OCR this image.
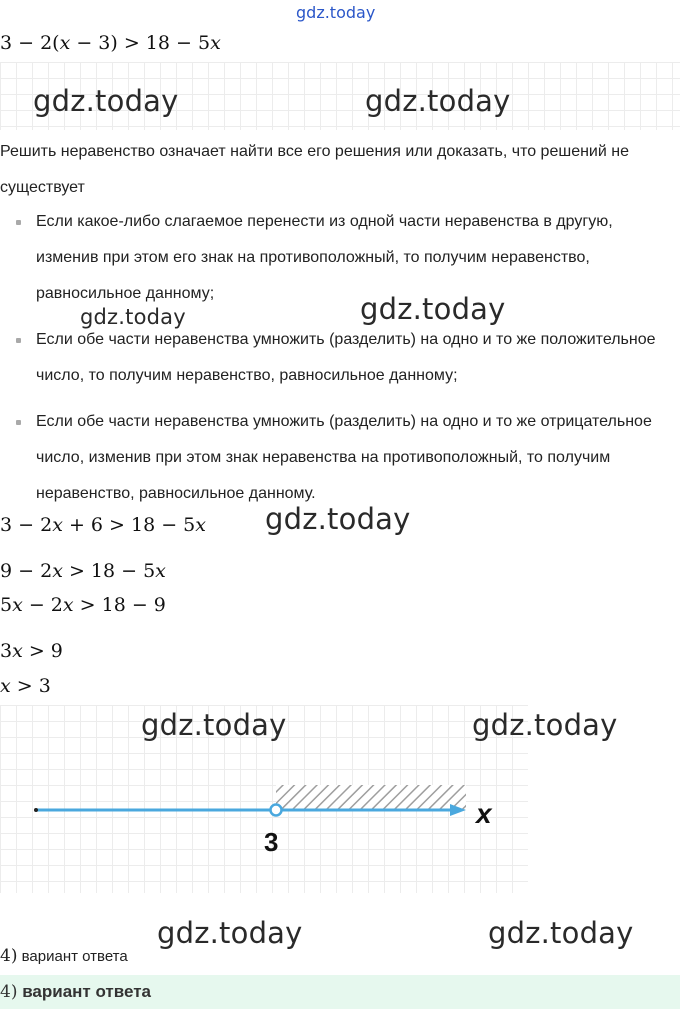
gdz.today
3 − 2(x − 3) > 18 − 5x
gdz.today	gdz.today

Решить неравенство означает найти все его решения или доказать, что решений не существует

Если какое-либо слагаемое перенести из одной части неравенства в другую, изменив при этом его знак на противоположный, то получим неравенство, равносильное данному;
Если обе части неравенства умножить (разделить) на одно и то же положительное число, то получим неравенство, равносильное данному;
Если обе части неравенства умножить (разделить) на одно и то же отрицательное число, изменив при этом знак неравенства на противоположный, то получим неравенство, равносильное данному.
gdz.today	gdz.today
3 − 2x + 6 > 18 − 5x gdz.today
9 − 2x > 18 − 5x
5x − 2x > 18 − 9
3x > 9
x > 3
gdz.today	gdz.today
3
x
gdz.today	gdz.today
4) вариант ответа
4) вариант ответа
